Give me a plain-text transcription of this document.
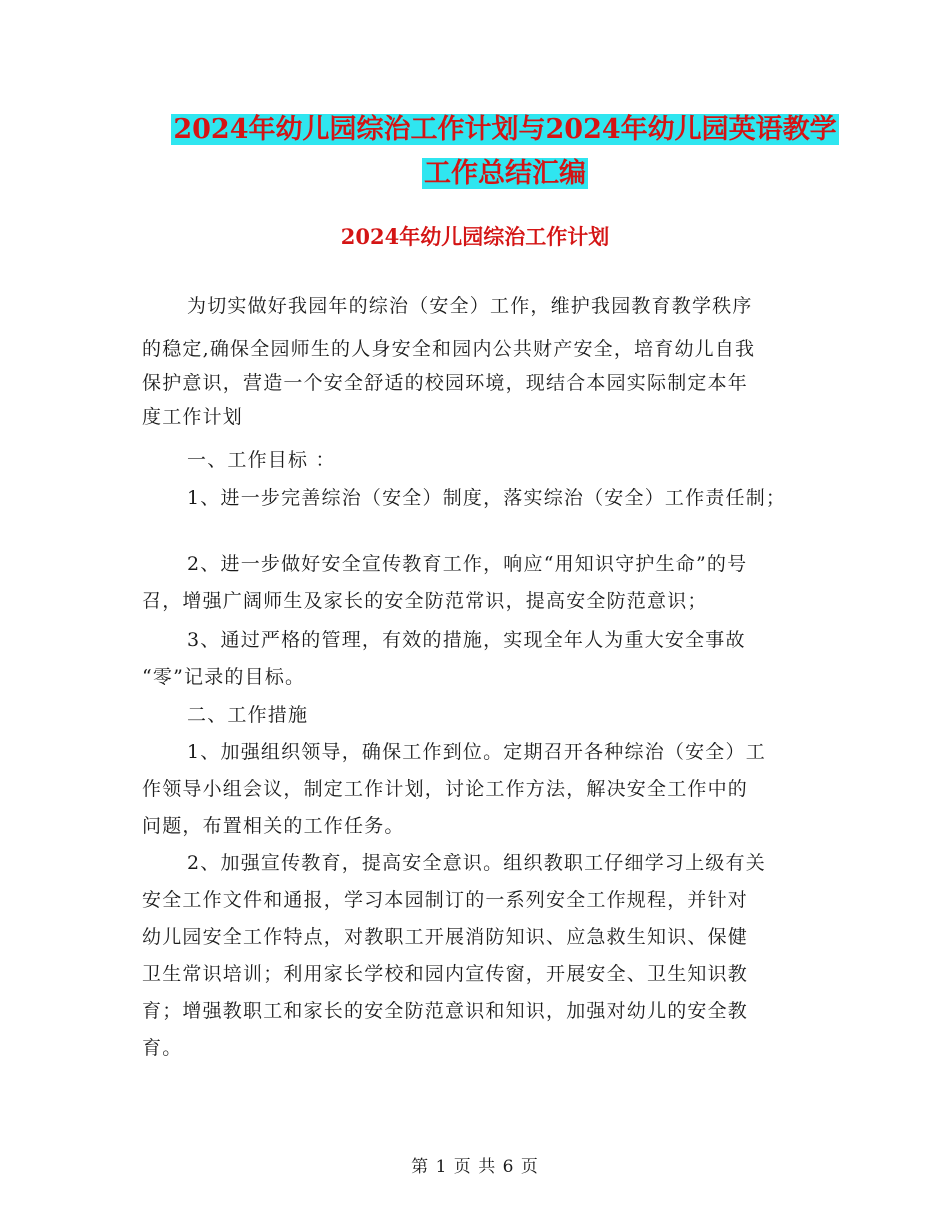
2024年幼儿园综治工作计划与2024年幼儿园英语教学
工作总结汇编
2024年幼儿园综治工作计划
为切实做好我园年的综治（安全）工作，维护我园教育教学秩序
的稳定,确保全园师生的人身安全和园内公共财产安全，培育幼儿自我
保护意识，营造一个安全舒适的校园环境，现结合本园实际制定本年
度工作计划
一、工作目标 ：
1、进一步完善综治（安全）制度，落实综治（安全）工作责任制；
2、进一步做好安全宣传教育工作，响应“用知识守护生命”的号
召，增强广阔师生及家长的安全防范常识，提高安全防范意识；
3、通过严格的管理，有效的措施，实现全年人为重大安全事故
“零”记录的目标。
二、工作措施
1、加强组织领导，确保工作到位。定期召开各种综治（安全）工
作领导小组会议，制定工作计划，讨论工作方法，解决安全工作中的
问题，布置相关的工作任务。
2、加强宣传教育，提高安全意识。组织教职工仔细学习上级有关
安全工作文件和通报，学习本园制订的一系列安全工作规程，并针对
幼儿园安全工作特点，对教职工开展消防知识、应急救生知识、保健
卫生常识培训；利用家长学校和园内宣传窗，开展安全、卫生知识教
育；增强教职工和家长的安全防范意识和知识，加强对幼儿的安全教
育。
第 1 页 共 6 页
